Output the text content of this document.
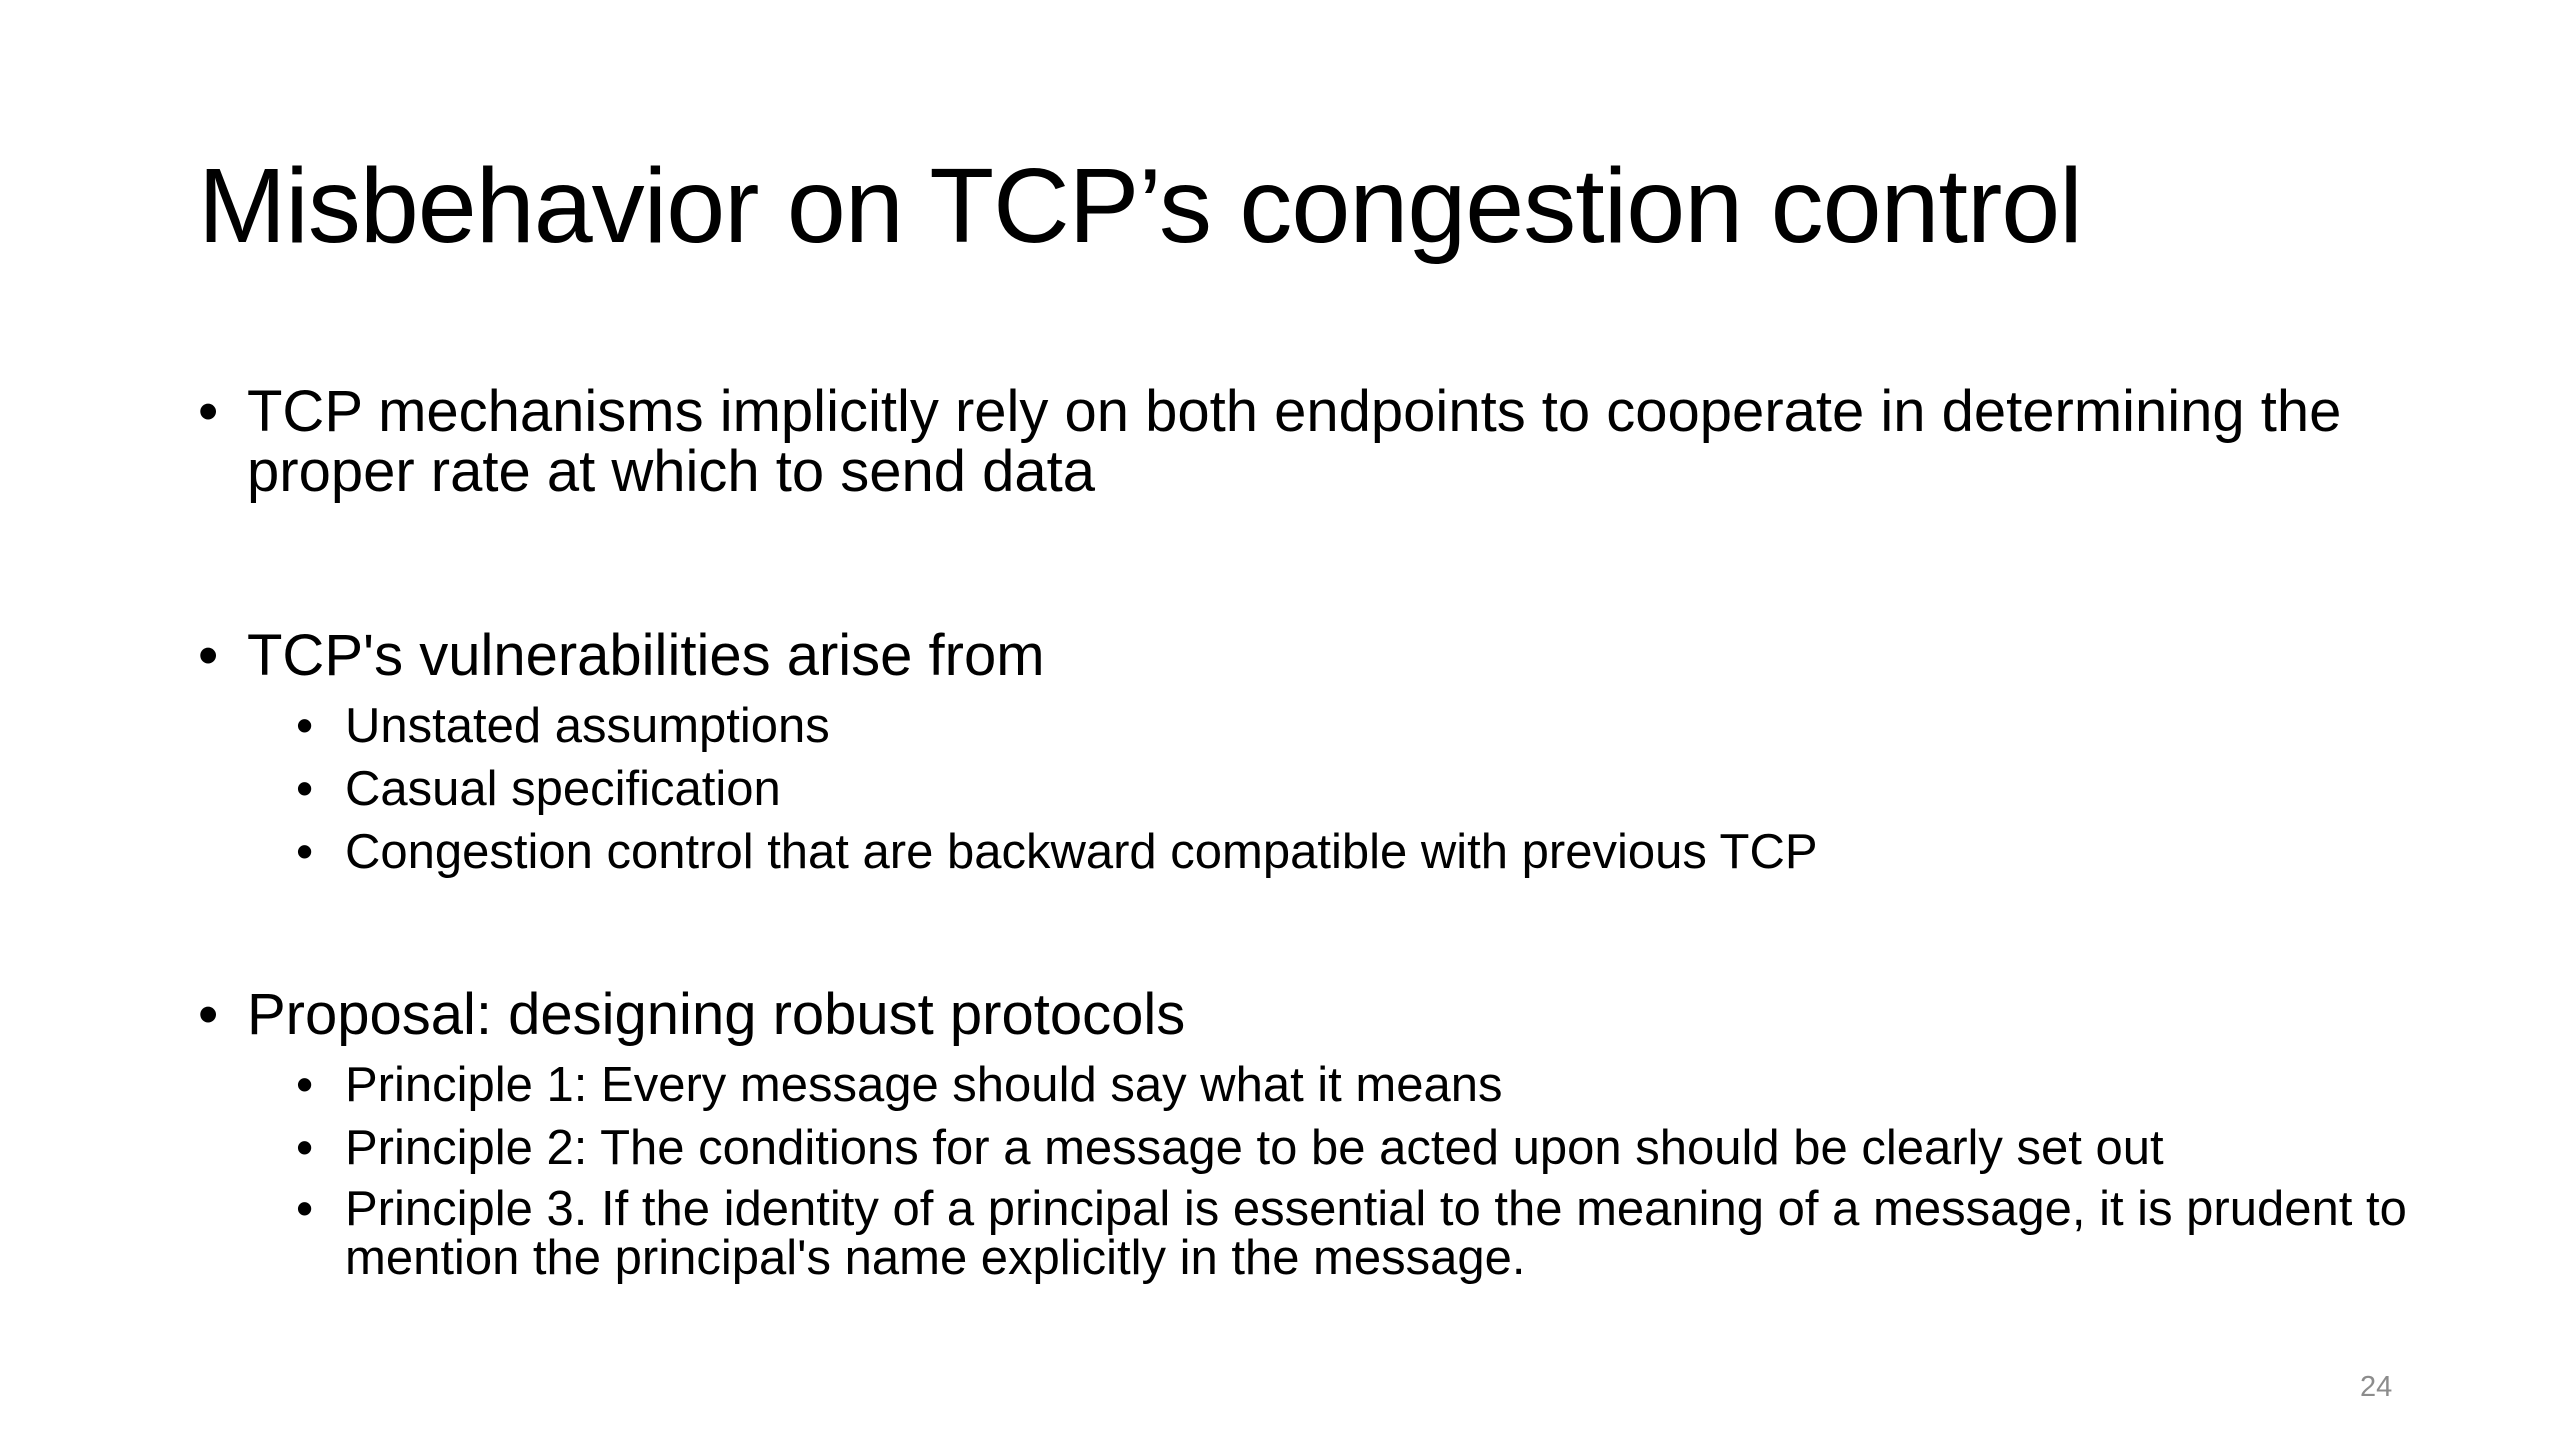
Misbehavior on TCP’s congestion control
• TCP mechanisms implicitly rely on both endpoints to cooperate in determining the proper rate at which to send data
• TCP's vulnerabilities arise from
• Unstated assumptions
• Casual specification
• Congestion control that are backward compatible with previous TCP
• Proposal: designing robust protocols
• Principle 1: Every message should say what it means
• Principle 2: The conditions for a message to be acted upon should be clearly set out
• Principle 3. If the identity of a principal is essential to the meaning of a message, it is prudent to mention the principal's name explicitly in the message.
24
